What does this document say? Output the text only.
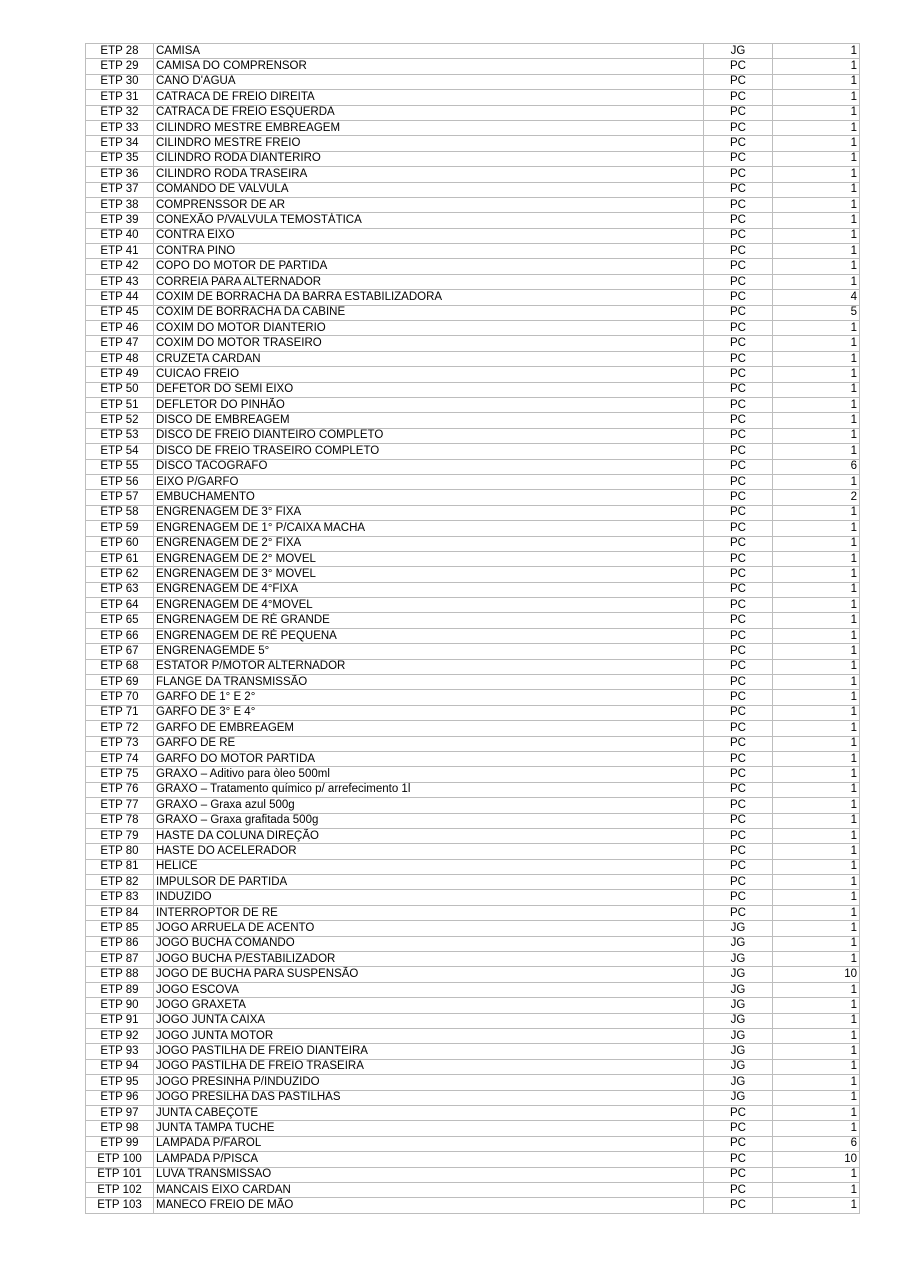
ETP 28	CAMISA	JG	1
ETP 29	CAMISA DO COMPRENSOR	PC	1
ETP 30	CANO D'AGUA	PC	1
ETP 31	CATRACA DE FREIO DIREITA	PC	1
ETP 32	CATRACA DE FREIO ESQUERDA	PC	1
ETP 33	CILINDRO MESTRE EMBREAGEM	PC	1
ETP 34	CILINDRO MESTRE FREIO	PC	1
ETP 35	CILINDRO RODA DIANTERIRO	PC	1
ETP 36	CILINDRO RODA TRASEIRA	PC	1
ETP 37	COMANDO DE VALVULA	PC	1
ETP 38	COMPRENSSOR DE AR	PC	1
ETP 39	CONEXÃO P/VALVULA TEMOSTÁTICA	PC	1
ETP 40	CONTRA EIXO	PC	1
ETP 41	CONTRA PINO	PC	1
ETP 42	COPO DO MOTOR DE PARTIDA	PC	1
ETP 43	CORREIA PARA ALTERNADOR	PC	1
ETP 44	COXIM DE BORRACHA DA BARRA ESTABILIZADORA	PC	4
ETP 45	COXIM DE BORRACHA DA CABINE	PC	5
ETP 46	COXIM DO MOTOR DIANTERIO	PC	1
ETP 47	COXIM DO MOTOR TRASEIRO	PC	1
ETP 48	CRUZETA CARDAN	PC	1
ETP 49	CUICAO FREIO	PC	1
ETP 50	DEFETOR DO SEMI EIXO	PC	1
ETP 51	DEFLETOR DO PINHÃO	PC	1
ETP 52	DISCO DE EMBREAGEM	PC	1
ETP 53	DISCO DE FREIO DIANTEIRO COMPLETO	PC	1
ETP 54	DISCO DE FREIO TRASEIRO COMPLETO	PC	1
ETP 55	DISCO TACOGRAFO	PC	6
ETP 56	EIXO P/GARFO	PC	1
ETP 57	EMBUCHAMENTO	PC	2
ETP 58	ENGRENAGEM DE 3° FIXA	PC	1
ETP 59	ENGRENAGEM DE 1° P/CAIXA MACHA	PC	1
ETP 60	ENGRENAGEM DE 2° FIXA	PC	1
ETP 61	ENGRENAGEM DE 2° MOVEL	PC	1
ETP 62	ENGRENAGEM DE 3° MOVEL	PC	1
ETP 63	ENGRENAGEM DE 4°FIXA	PC	1
ETP 64	ENGRENAGEM DE 4°MOVEL	PC	1
ETP 65	ENGRENAGEM DE RÉ GRANDE	PC	1
ETP 66	ENGRENAGEM DE RÉ PEQUENA	PC	1
ETP 67	ENGRENAGEMDE 5°	PC	1
ETP 68	ESTATOR P/MOTOR ALTERNADOR	PC	1
ETP 69	FLANGE DA TRANSMISSÃO	PC	1
ETP 70	GARFO DE 1° E 2°	PC	1
ETP 71	GARFO DE 3° E 4°	PC	1
ETP 72	GARFO DE EMBREAGEM	PC	1
ETP 73	GARFO DE RÉ	PC	1
ETP 74	GARFO DO MOTOR PARTIDA	PC	1
ETP 75	GRAXO – Aditivo para òleo 500ml	PC	1
ETP 76	GRAXO – Tratamento químico p/ arrefecimento 1l	PC	1
ETP 77	GRAXO – Graxa azul 500g	PC	1
ETP 78	GRAXO – Graxa grafitada 500g	PC	1
ETP 79	HASTE DA COLUNA DIREÇÃO	PC	1
ETP 80	HASTE DO ACELERADOR	PC	1
ETP 81	HELICE	PC	1
ETP 82	IMPULSOR DE PARTIDA	PC	1
ETP 83	INDUZIDO	PC	1
ETP 84	INTERROPTOR DE RE	PC	1
ETP 85	JOGO ARRUELA DE ACENTO	JG	1
ETP 86	JOGO BUCHA COMANDO	JG	1
ETP 87	JOGO BUCHA P/ESTABILIZADOR	JG	1
ETP 88	JOGO DE BUCHA PARA SUSPENSÃO	JG	10
ETP 89	JOGO ESCOVA	JG	1
ETP 90	JOGO GRAXETA	JG	1
ETP 91	JOGO JUNTA CAIXA	JG	1
ETP 92	JOGO JUNTA MOTOR	JG	1
ETP 93	JOGO PASTILHA DE FREIO DIANTEIRA	JG	1
ETP 94	JOGO PASTILHA DE FREIO TRASEIRA	JG	1
ETP 95	JOGO PRESINHA P/INDUZIDO	JG	1
ETP 96	JOGO PRESILHA DAS PASTILHAS	JG	1
ETP 97	JUNTA CABEÇOTE	PC	1
ETP 98	JUNTA TAMPA TUCHE	PC	1
ETP 99	LAMPADA P/FAROL	PC	6
ETP 100	LAMPADA P/PISCA	PC	10
ETP 101	LUVA TRANSMISSÃO	PC	1
ETP 102	MANCAIS EIXO CARDAN	PC	1
ETP 103	MANECO FREIO DE MÃO	PC	1
